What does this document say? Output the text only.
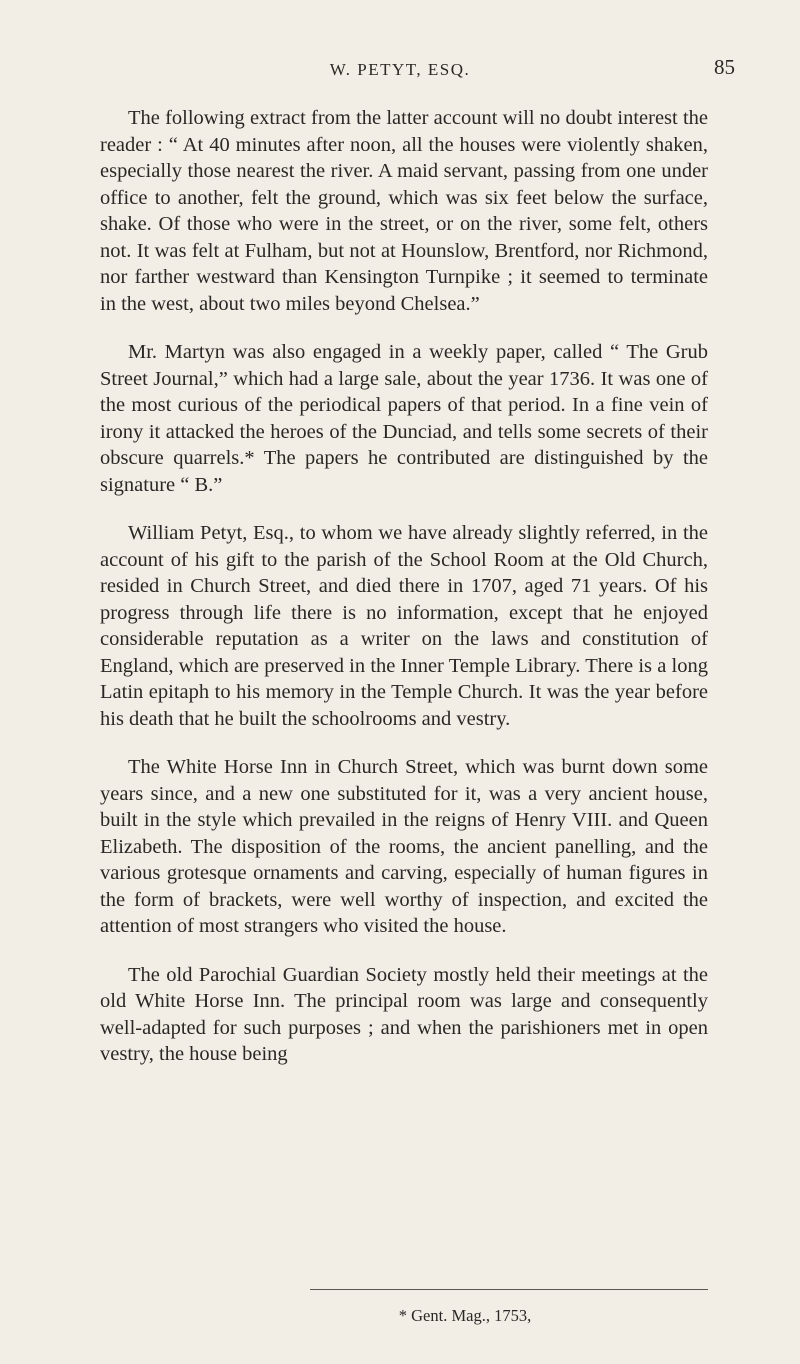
W. PETYT, ESQ.	85

The following extract from the latter account will no doubt interest the reader : “ At 40 minutes after noon, all the houses were violently shaken, especially those nearest the river. A maid servant, passing from one under office to another, felt the ground, which was six feet below the surface, shake. Of those who were in the street, or on the river, some felt, others not. It was felt at Fulham, but not at Hounslow, Brentford, nor Richmond, nor farther westward than Kensington Turnpike ; it seemed to terminate in the west, about two miles beyond Chelsea.”

Mr. Martyn was also engaged in a weekly paper, called “ The Grub Street Journal,” which had a large sale, about the year 1736. It was one of the most curious of the periodical papers of that period. In a fine vein of irony it attacked the heroes of the Dunciad, and tells some secrets of their obscure quarrels.* The papers he contributed are distinguished by the signature “ B.”

William Petyt, Esq., to whom we have already slightly referred, in the account of his gift to the parish of the School Room at the Old Church, resided in Church Street, and died there in 1707, aged 71 years. Of his progress through life there is no information, except that he enjoyed considerable reputation as a writer on the laws and constitution of England, which are preserved in the Inner Temple Library. There is a long Latin epitaph to his memory in the Temple Church. It was the year before his death that he built the schoolrooms and vestry.

The White Horse Inn in Church Street, which was burnt down some years since, and a new one substituted for it, was a very ancient house, built in the style which prevailed in the reigns of Henry VIII. and Queen Elizabeth. The disposition of the rooms, the ancient panelling, and the various grotesque ornaments and carving, especially of human figures in the form of brackets, were well worthy of inspection, and excited the attention of most strangers who visited the house.

The old Parochial Guardian Society mostly held their meetings at the old White Horse Inn. The principal room was large and consequently well-adapted for such purposes ; and when the parishioners met in open vestry, the house being

* Gent. Mag., 1753,
